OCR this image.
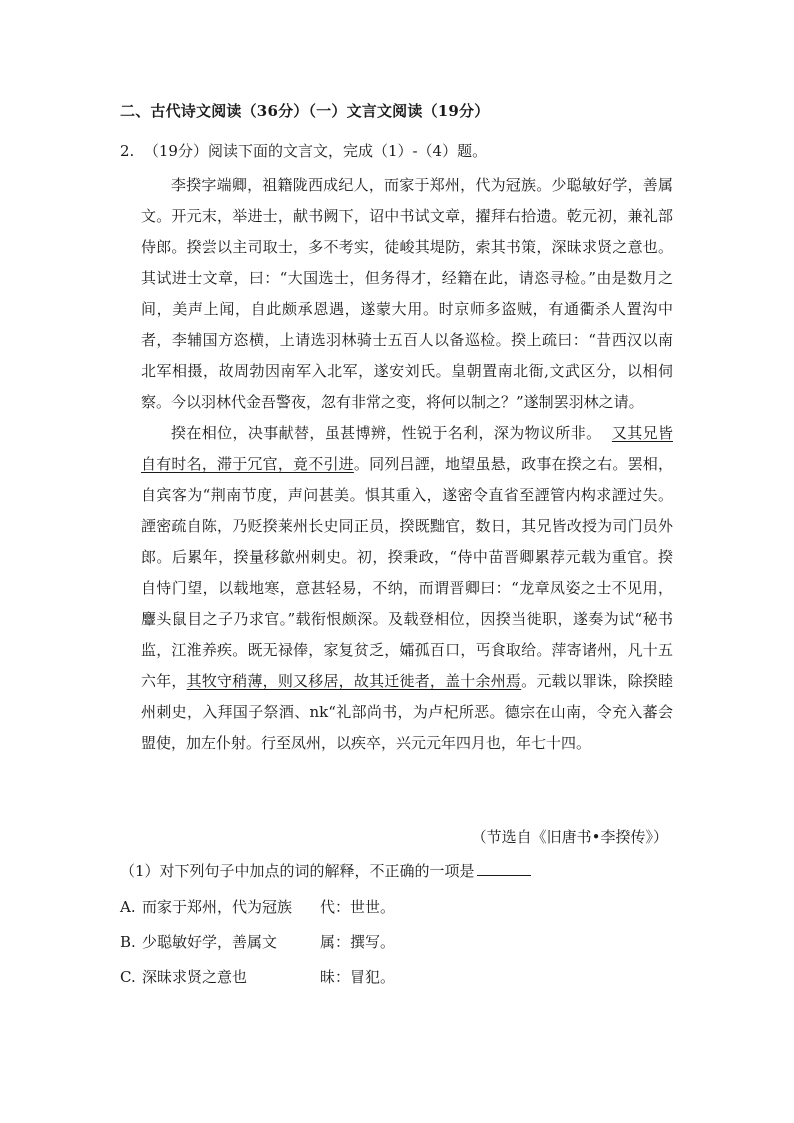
二、古代诗文阅读（36分）（一）文言文阅读（19分）
2. （19分）阅读下面的文言文，完成（1）-（4）题。

李揆字端卿，祖籍陇西成纪人，而家于郑州，代为冠族。少聪敏好学，善属文。开元末，举进士，献书阙下，诏中书试文章，擢拜右拾遗。乾元初，兼礼部侍郎。揆尝以主司取士，多不考实，徒峻其堤防，索其书策，深昧求贤之意也。其试进士文章，曰：“大国选士，但务得才，经籍在此，请恣寻检。”由是数月之间，美声上闻，自此颇承恩遇，遂蒙大用。时京师多盗贼，有通衢杀人置沟中者，李辅国方恣横，上请选羽林骑士五百人以备巡检。揆上疏曰：“昔西汉以南北军相摄，故周勃因南军入北军，遂安刘氏。皇朝置南北衙,文武区分，以相伺察。今以羽林代金吾警夜，忽有非常之变，将何以制之？”遂制罢羽林之请。

揆在相位，决事献替，虽甚博辨，性锐于名利，深为物议所非。 又其兄皆自有时名，滞于冗官，竟不引进。同列吕諲，地望虽悬，政事在揆之右。罢相，自宾客为“荆南节度，声问甚美。惧其重入，遂密令直省至諲管内构求諲过失。諲密疏自陈，乃贬揆莱州长史同正员，揆既黜官，数日，其兄皆改授为司门员外郎。后累年，揆量移歙州刺史。初，揆秉政，“侍中苗晋卿累荐元载为重官。揆自恃门望，以载地寒，意甚轻易，不纳，而谓晋卿曰：“龙章凤姿之士不见用，麞头鼠目之子乃求官。”载衔恨颇深。及载登相位，因揆当徙职，遂奏为试“秘书监，江淮养疾。既无禄俸，家复贫乏，孀孤百口，丐食取给。萍寄诸州，凡十五六年，其牧守稍薄，则又移居，故其迁徙者，盖十余州焉。元载以罪诛，除揆睦州刺史，入拜国子祭酒、nk“礼部尚书，为卢杞所恶。德宗在山南，令充入蕃会盟使，加左仆射。行至凤州，以疾卒，兴元元年四月也，年七十四。

（节选自《旧唐书•李揆传》）
（1）对下列句子中加点的词的解释，不正确的一项是
A. 而家于郑州，代为冠族 代：世世。
B. 少聪敏好学，善属文	属：撰写。
C. 深昧求贤之意也	昧：冒犯。
